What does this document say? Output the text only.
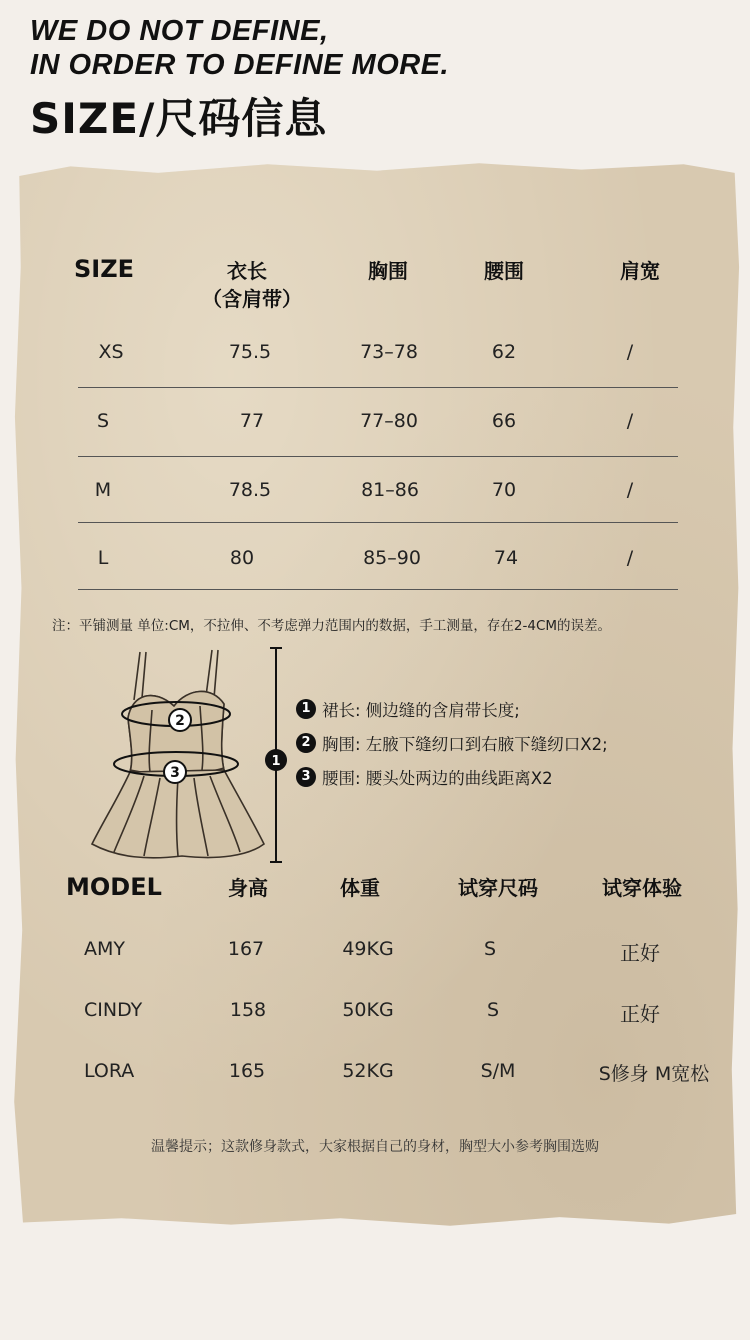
WE DO NOT DEFINE,
IN ORDER TO DEFINE MORE.
SIZE/尺码信息
SIZE	衣长
（含肩带）
胸围	腰围	肩宽
XS	75.5	73–78	62	/
S	77	77–80	66	/
M	78.5	81–86	70	/
L	80	85–90	74	/
注：平铺测量 单位:CM，不拉伸、不考虑弹力范围内的数据，手工测量，存在2-4CM的误差。
2
3
1
1 裙长: 侧边缝的含肩带长度;
2 胸围: 左腋下缝纫口到右腋下缝纫口X2;
3 腰围: 腰头处两边的曲线距离X2
MODEL	身高	体重	试穿尺码	试穿体验
AMY	167	49KG	S	正好
CINDY	158	50KG	S	正好
LORA	165	52KG	S/M	S修身 M宽松
温馨提示；这款修身款式，大家根据自己的身材，胸型大小参考胸围选购
